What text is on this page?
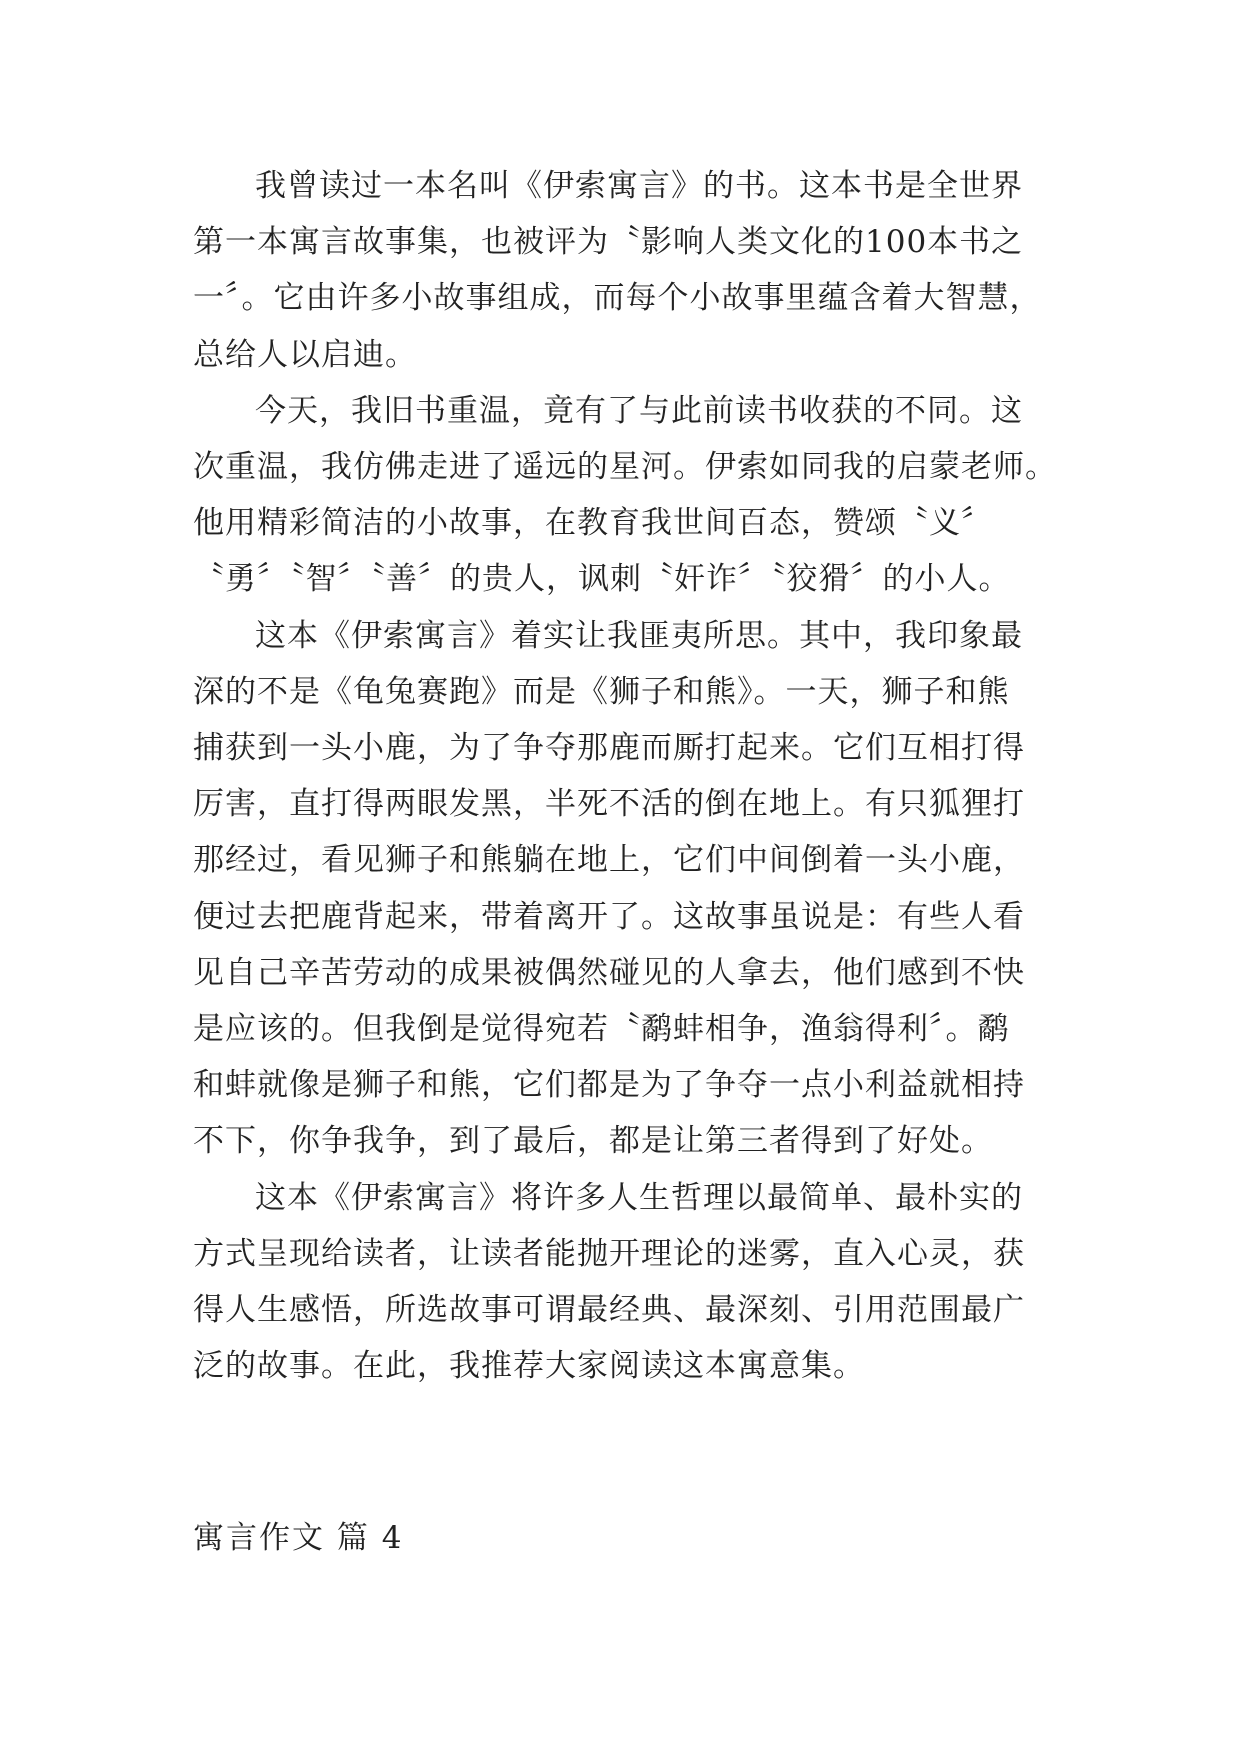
我曾读过一本名叫《伊索寓言》的书。这本书是全世界
第一本寓言故事集，也被评为〝影响人类文化的100本书之
一〞。它由许多小故事组成，而每个小故事里蕴含着大智慧，
总给人以启迪。

今天，我旧书重温，竟有了与此前读书收获的不同。这
次重温，我仿佛走进了遥远的星河。伊索如同我的启蒙老师。
他用精彩简洁的小故事，在教育我世间百态，赞颂〝义〞
〝勇〞〝智〞〝善〞的贵人，讽刺〝奸诈〞〝狡猾〞的小人。

这本《伊索寓言》着实让我匪夷所思。其中，我印象最
深的不是《龟兔赛跑》而是《狮子和熊》。一天，狮子和熊
捕获到一头小鹿，为了争夺那鹿而厮打起来。它们互相打得
厉害，直打得两眼发黑，半死不活的倒在地上。有只狐狸打
那经过，看见狮子和熊躺在地上，它们中间倒着一头小鹿，
便过去把鹿背起来，带着离开了。这故事虽说是：有些人看
见自己辛苦劳动的成果被偶然碰见的人拿去，他们感到不快
是应该的。但我倒是觉得宛若〝鹬蚌相争，渔翁得利〞。鹬
和蚌就像是狮子和熊，它们都是为了争夺一点小利益就相持
不下，你争我争，到了最后，都是让第三者得到了好处。

这本《伊索寓言》将许多人生哲理以最简单、最朴实的
方式呈现给读者，让读者能抛开理论的迷雾，直入心灵，获
得人生感悟，所选故事可谓最经典、最深刻、引用范围最广
泛的故事。在此，我推荐大家阅读这本寓意集。

寓言作文 篇 4
